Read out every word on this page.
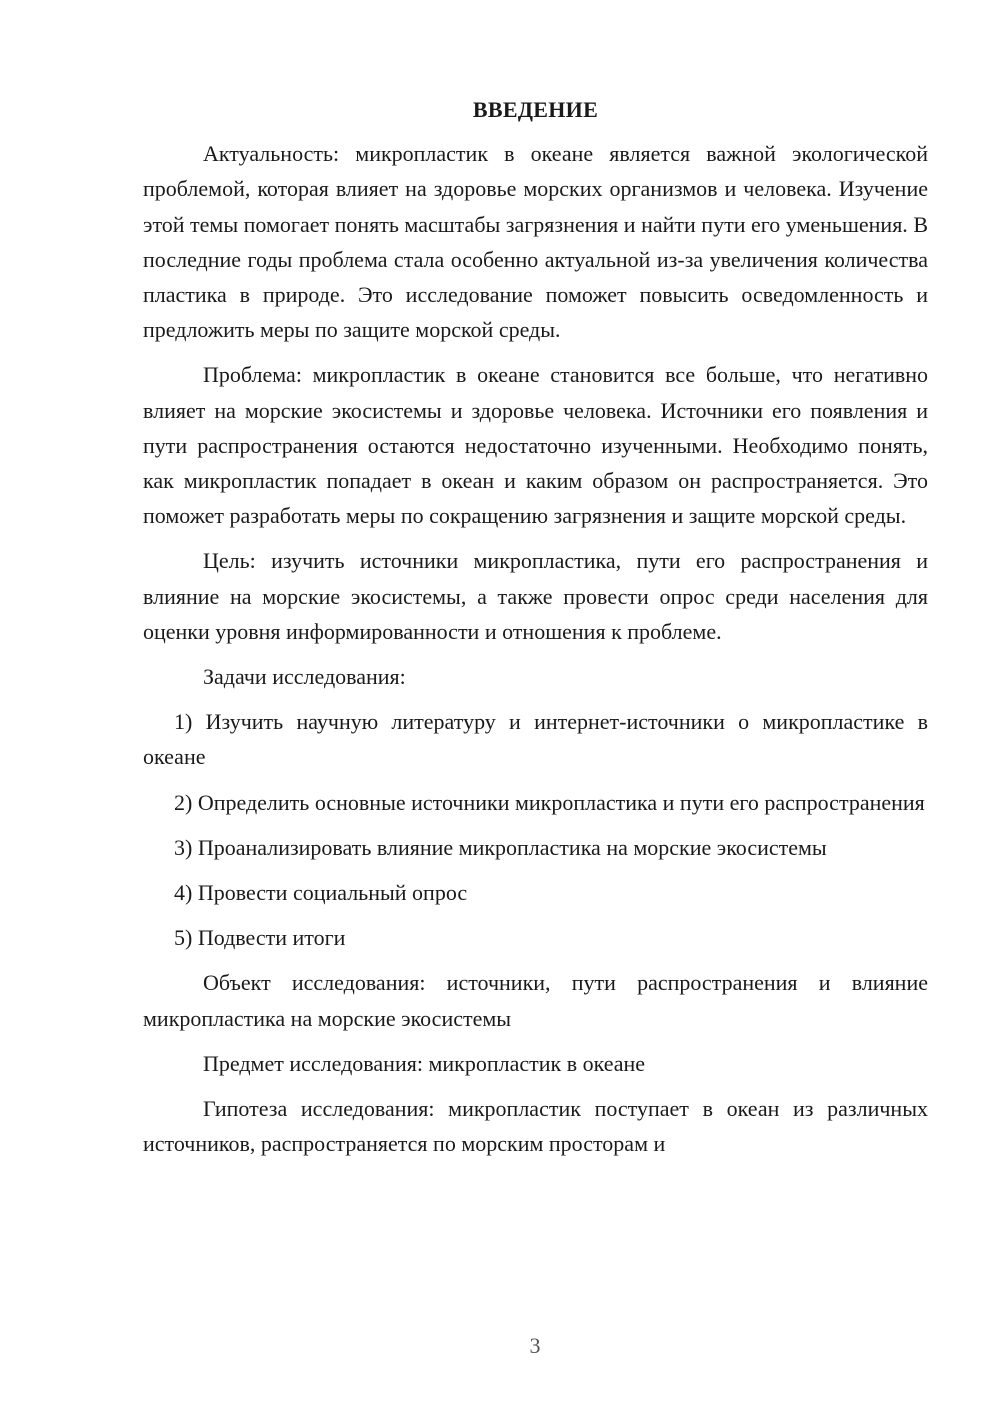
ВВЕДЕНИЕ

Актуальность: микропластик в океане является важной экологической проблемой, которая влияет на здоровье морских организмов и человека. Изучение этой темы помогает понять масштабы загрязнения и найти пути его уменьшения. В последние годы проблема стала особенно актуальной из-за увеличения количества пластика в природе. Это исследование поможет повысить осведомленность и предложить меры по защите морской среды.

Проблема: микропластик в океане становится все больше, что негативно влияет на морские экосистемы и здоровье человека. Источники его появления и пути распространения остаются недостаточно изученными. Необходимо понять, как микропластик попадает в океан и каким образом он распространяется. Это поможет разработать меры по сокращению загрязнения и защите морской среды.

Цель: изучить источники микропластика, пути его распространения и влияние на морские экосистемы, а также провести опрос среди населения для оценки уровня информированности и отношения к проблеме.

Задачи исследования:

1) Изучить научную литературу и интернет-источники о микропластике в океане
2) Определить основные источники микропластика и пути его распространения
3) Проанализировать влияние микропластика на морские экосистемы
4) Провести социальный опрос
5) Подвести итоги

Объект исследования: источники, пути распространения и влияние микропластика на морские экосистемы

Предмет исследования: микропластик в океане

Гипотеза исследования: микропластик поступает в океан из различных источников, распространяется по морским просторам и

3
